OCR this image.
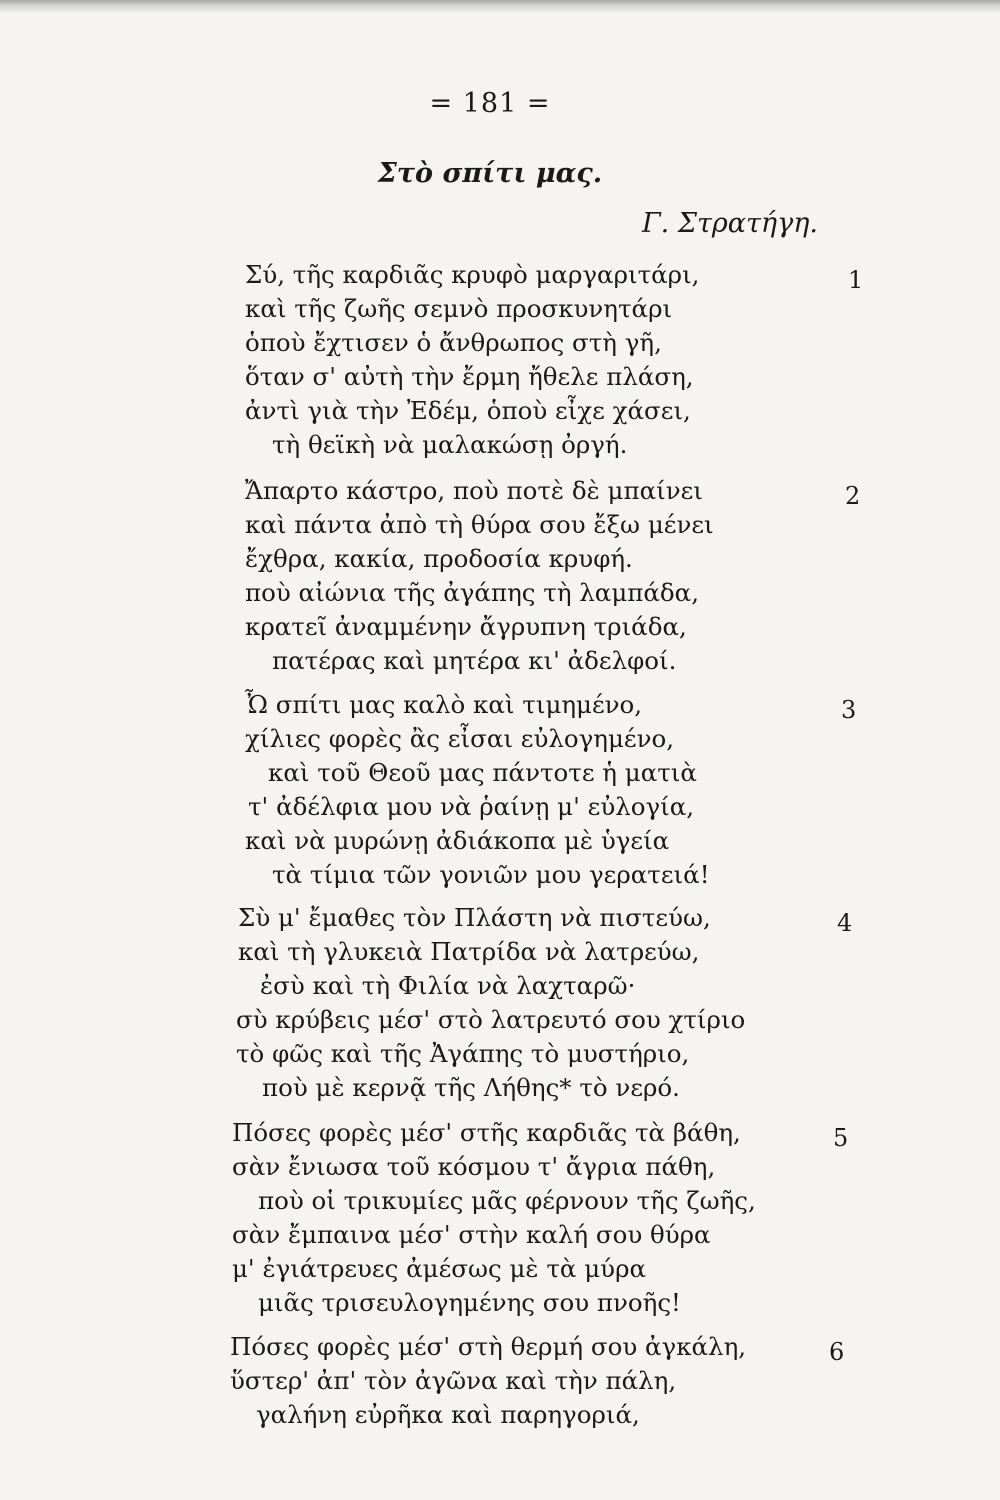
= 181 =
Στὸ σπίτι μας.
Γ. Στρατήγη.
Σύ, τῆς καρδιᾶς κρυφὸ μαργαριτάρι,
καὶ τῆς ζωῆς σεμνὸ προσκυνητάρι
ὁποὺ ἔχτισεν ὁ ἄνθρωπος στὴ γῆ,
ὅταν σ' αὐτὴ τὴν ἔρμη ἤθελε πλάση,
ἀντὶ γιὰ τὴν Ἐδέμ, ὁποὺ εἶχε χάσει,
τὴ θεϊκὴ νὰ μαλακώσῃ ὀργή.
1
Ἄπαρτο κάστρο, ποὺ ποτὲ δὲ μπαίνει
καὶ πάντα ἀπὸ τὴ θύρα σου ἔξω μένει
ἔχθρα, κακία, προδοσία κρυφή.
ποὺ αἰώνια τῆς ἀγάπης τὴ λαμπάδα,
κρατεῖ ἀναμμένην ἄγρυπνη τριάδα,
πατέρας καὶ μητέρα κι' ἀδελφοί.
2
Ὦ σπίτι μας καλὸ καὶ τιμημένο,
χίλιες φορὲς ἂς εἶσαι εὐλογημένο,
καὶ τοῦ Θεοῦ μας πάντοτε ἡ ματιὰ
τ' ἀδέλφια μου νὰ ῥαίνῃ μ' εὐλογία,
καὶ νὰ μυρώνῃ ἀδιάκοπα μὲ ὑγεία
τὰ τίμια τῶν γονιῶν μου γερατειά!
3
Σὺ μ' ἔμαθες τὸν Πλάστη νὰ πιστεύω,
καὶ τὴ γλυκειὰ Πατρίδα νὰ λατρεύω,
ἐσὺ καὶ τὴ Φιλία νὰ λαχταρῶ·
σὺ κρύβεις μέσ' στὸ λατρευτό σου χτίριο
τὸ φῶς καὶ τῆς Ἀγάπης τὸ μυστήριο,
ποὺ μὲ κερνᾷ τῆς Λήθης* τὸ νερό.
4
Πόσες φορὲς μέσ' στῆς καρδιᾶς τὰ βάθη,
σὰν ἔνιωσα τοῦ κόσμου τ' ἄγρια πάθη,
ποὺ οἱ τρικυμίες μᾶς φέρνουν τῆς ζωῆς,
σὰν ἔμπαινα μέσ' στὴν καλή σου θύρα
μ' ἐγιάτρευες ἀμέσως μὲ τὰ μύρα
μιᾶς τρισευλογημένης σου πνοῆς!
5
Πόσες φορὲς μέσ' στὴ θερμή σου ἀγκάλη,
ὕστερ' ἀπ' τὸν ἀγῶνα καὶ τὴν πάλη,
γαλήνη εὐρῆκα καὶ παρηγοριά,
6
